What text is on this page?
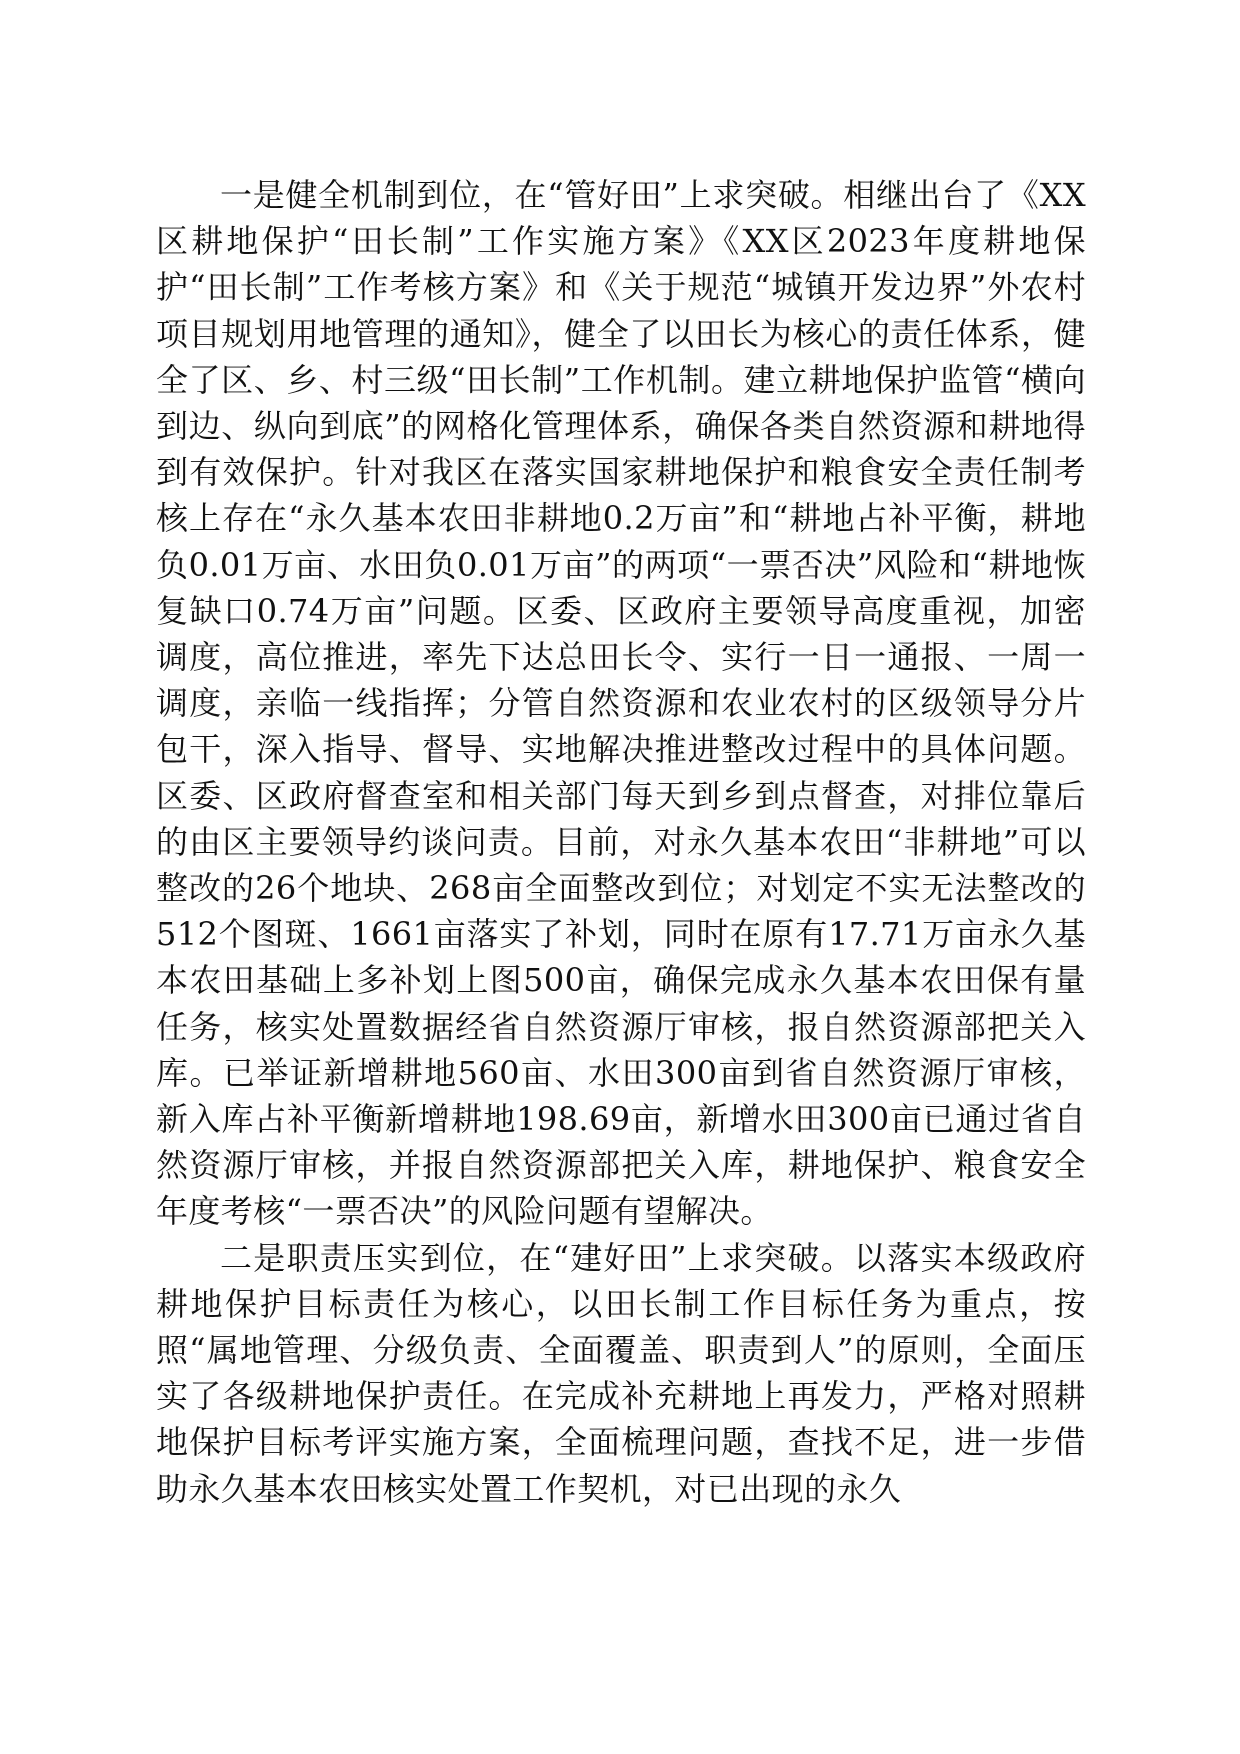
一是健全机制到位，在“管好田”上求突破。相继出台了《XX区耕地保护“田长制”工作实施方案》《XX区2023年度耕地保护“田长制”工作考核方案》和《关于规范“城镇开发边界”外农村项目规划用地管理的通知》，健全了以田长为核心的责任体系，健全了区、乡、村三级“田长制”工作机制。建立耕地保护监管“横向到边、纵向到底”的网格化管理体系，确保各类自然资源和耕地得到有效保护。针对我区在落实国家耕地保护和粮食安全责任制考核上存在“永久基本农田非耕地0.2万亩”和“耕地占补平衡，耕地负0.01万亩、水田负0.01万亩”的两项“一票否决”风险和“耕地恢复缺口0.74万亩”问题。区委、区政府主要领导高度重视，加密调度，高位推进，率先下达总田长令、实行一日一通报、一周一调度，亲临一线指挥；分管自然资源和农业农村的区级领导分片包干，深入指导、督导、实地解决推进整改过程中的具体问题。区委、区政府督查室和相关部门每天到乡到点督查，对排位靠后的由区主要领导约谈问责。目前，对永久基本农田“非耕地”可以整改的26个地块、268亩全面整改到位；对划定不实无法整改的512个图斑、1661亩落实了补划，同时在原有17.71万亩永久基本农田基础上多补划上图500亩，确保完成永久基本农田保有量任务，核实处置数据经省自然资源厅审核，报自然资源部把关入库。已举证新增耕地560亩、水田300亩到省自然资源厅审核，新入库占补平衡新增耕地198.69亩，新增水田300亩已通过省自然资源厅审核，并报自然资源部把关入库，耕地保护、粮食安全年度考核“一票否决”的风险问题有望解决。

二是职责压实到位，在“建好田”上求突破。以落实本级政府耕地保护目标责任为核心，以田长制工作目标任务为重点，按照“属地管理、分级负责、全面覆盖、职责到人”的原则，全面压实了各级耕地保护责任。在完成补充耕地上再发力，严格对照耕地保护目标考评实施方案，全面梳理问题，查找不足，进一步借助永久基本农田核实处置工作契机，对已出现的永久
